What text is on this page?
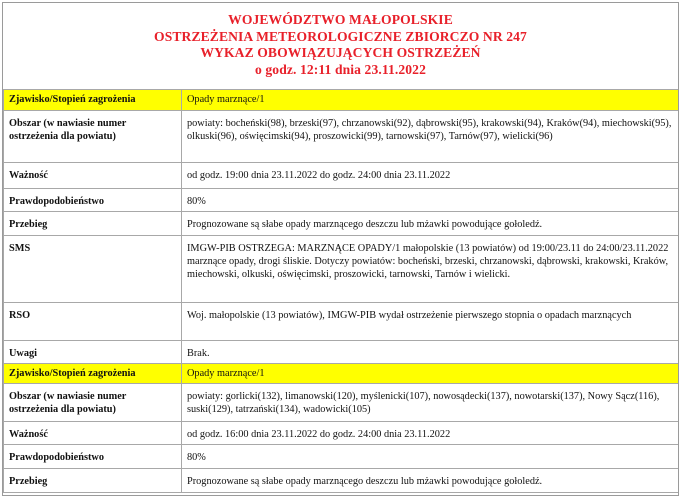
WOJEWÓDZTWO MAŁOPOLSKIE
OSTRZEŻENIA METEOROLOGICZNE ZBIORCZO NR 247
WYKAZ OBOWIĄZUJĄCYCH OSTRZEŻEŃ
o godz. 12:11 dnia 23.11.2022
Zjawisko/Stopień zagrożenia	Opady marznące/1
Obszar (w nawiasie numer ostrzeżenia dla powiatu)	powiaty: bocheński(98), brzeski(97), chrzanowski(92), dąbrowski(95), krakowski(94), Kraków(94), miechowski(95), olkuski(96), oświęcimski(94), proszowicki(99), tarnowski(97), Tarnów(97), wielicki(96)
Ważność	od godz. 19:00 dnia 23.11.2022 do godz. 24:00 dnia 23.11.2022
Prawdopodobieństwo	80%
Przebieg	Prognozowane są słabe opady marznącego deszczu lub mżawki powodujące gołoledź.
SMS	IMGW-PIB OSTRZEGA: MARZNĄCE OPADY/1 małopolskie (13 powiatów) od 19:00/23.11 do 24:00/23.11.2022 marznące opady, drogi śliskie. Dotyczy powiatów: bocheński, brzeski, chrzanowski, dąbrowski, krakowski, Kraków, miechowski, olkuski, oświęcimski, proszowicki, tarnowski, Tarnów i wielicki.
RSO	Woj. małopolskie (13 powiatów), IMGW-PIB wydał ostrzeżenie pierwszego stopnia o opadach marznących
Uwagi	Brak.
Zjawisko/Stopień zagrożenia	Opady marznące/1
Obszar (w nawiasie numer ostrzeżenia dla powiatu)	powiaty: gorlicki(132), limanowski(120), myślenicki(107), nowosądecki(137), nowotarski(137), Nowy Sącz(116), suski(129), tatrzański(134), wadowicki(105)
Ważność	od godz. 16:00 dnia 23.11.2022 do godz. 24:00 dnia 23.11.2022
Prawdopodobieństwo	80%
Przebieg	Prognozowane są słabe opady marznącego deszczu lub mżawki powodujące gołoledź.
